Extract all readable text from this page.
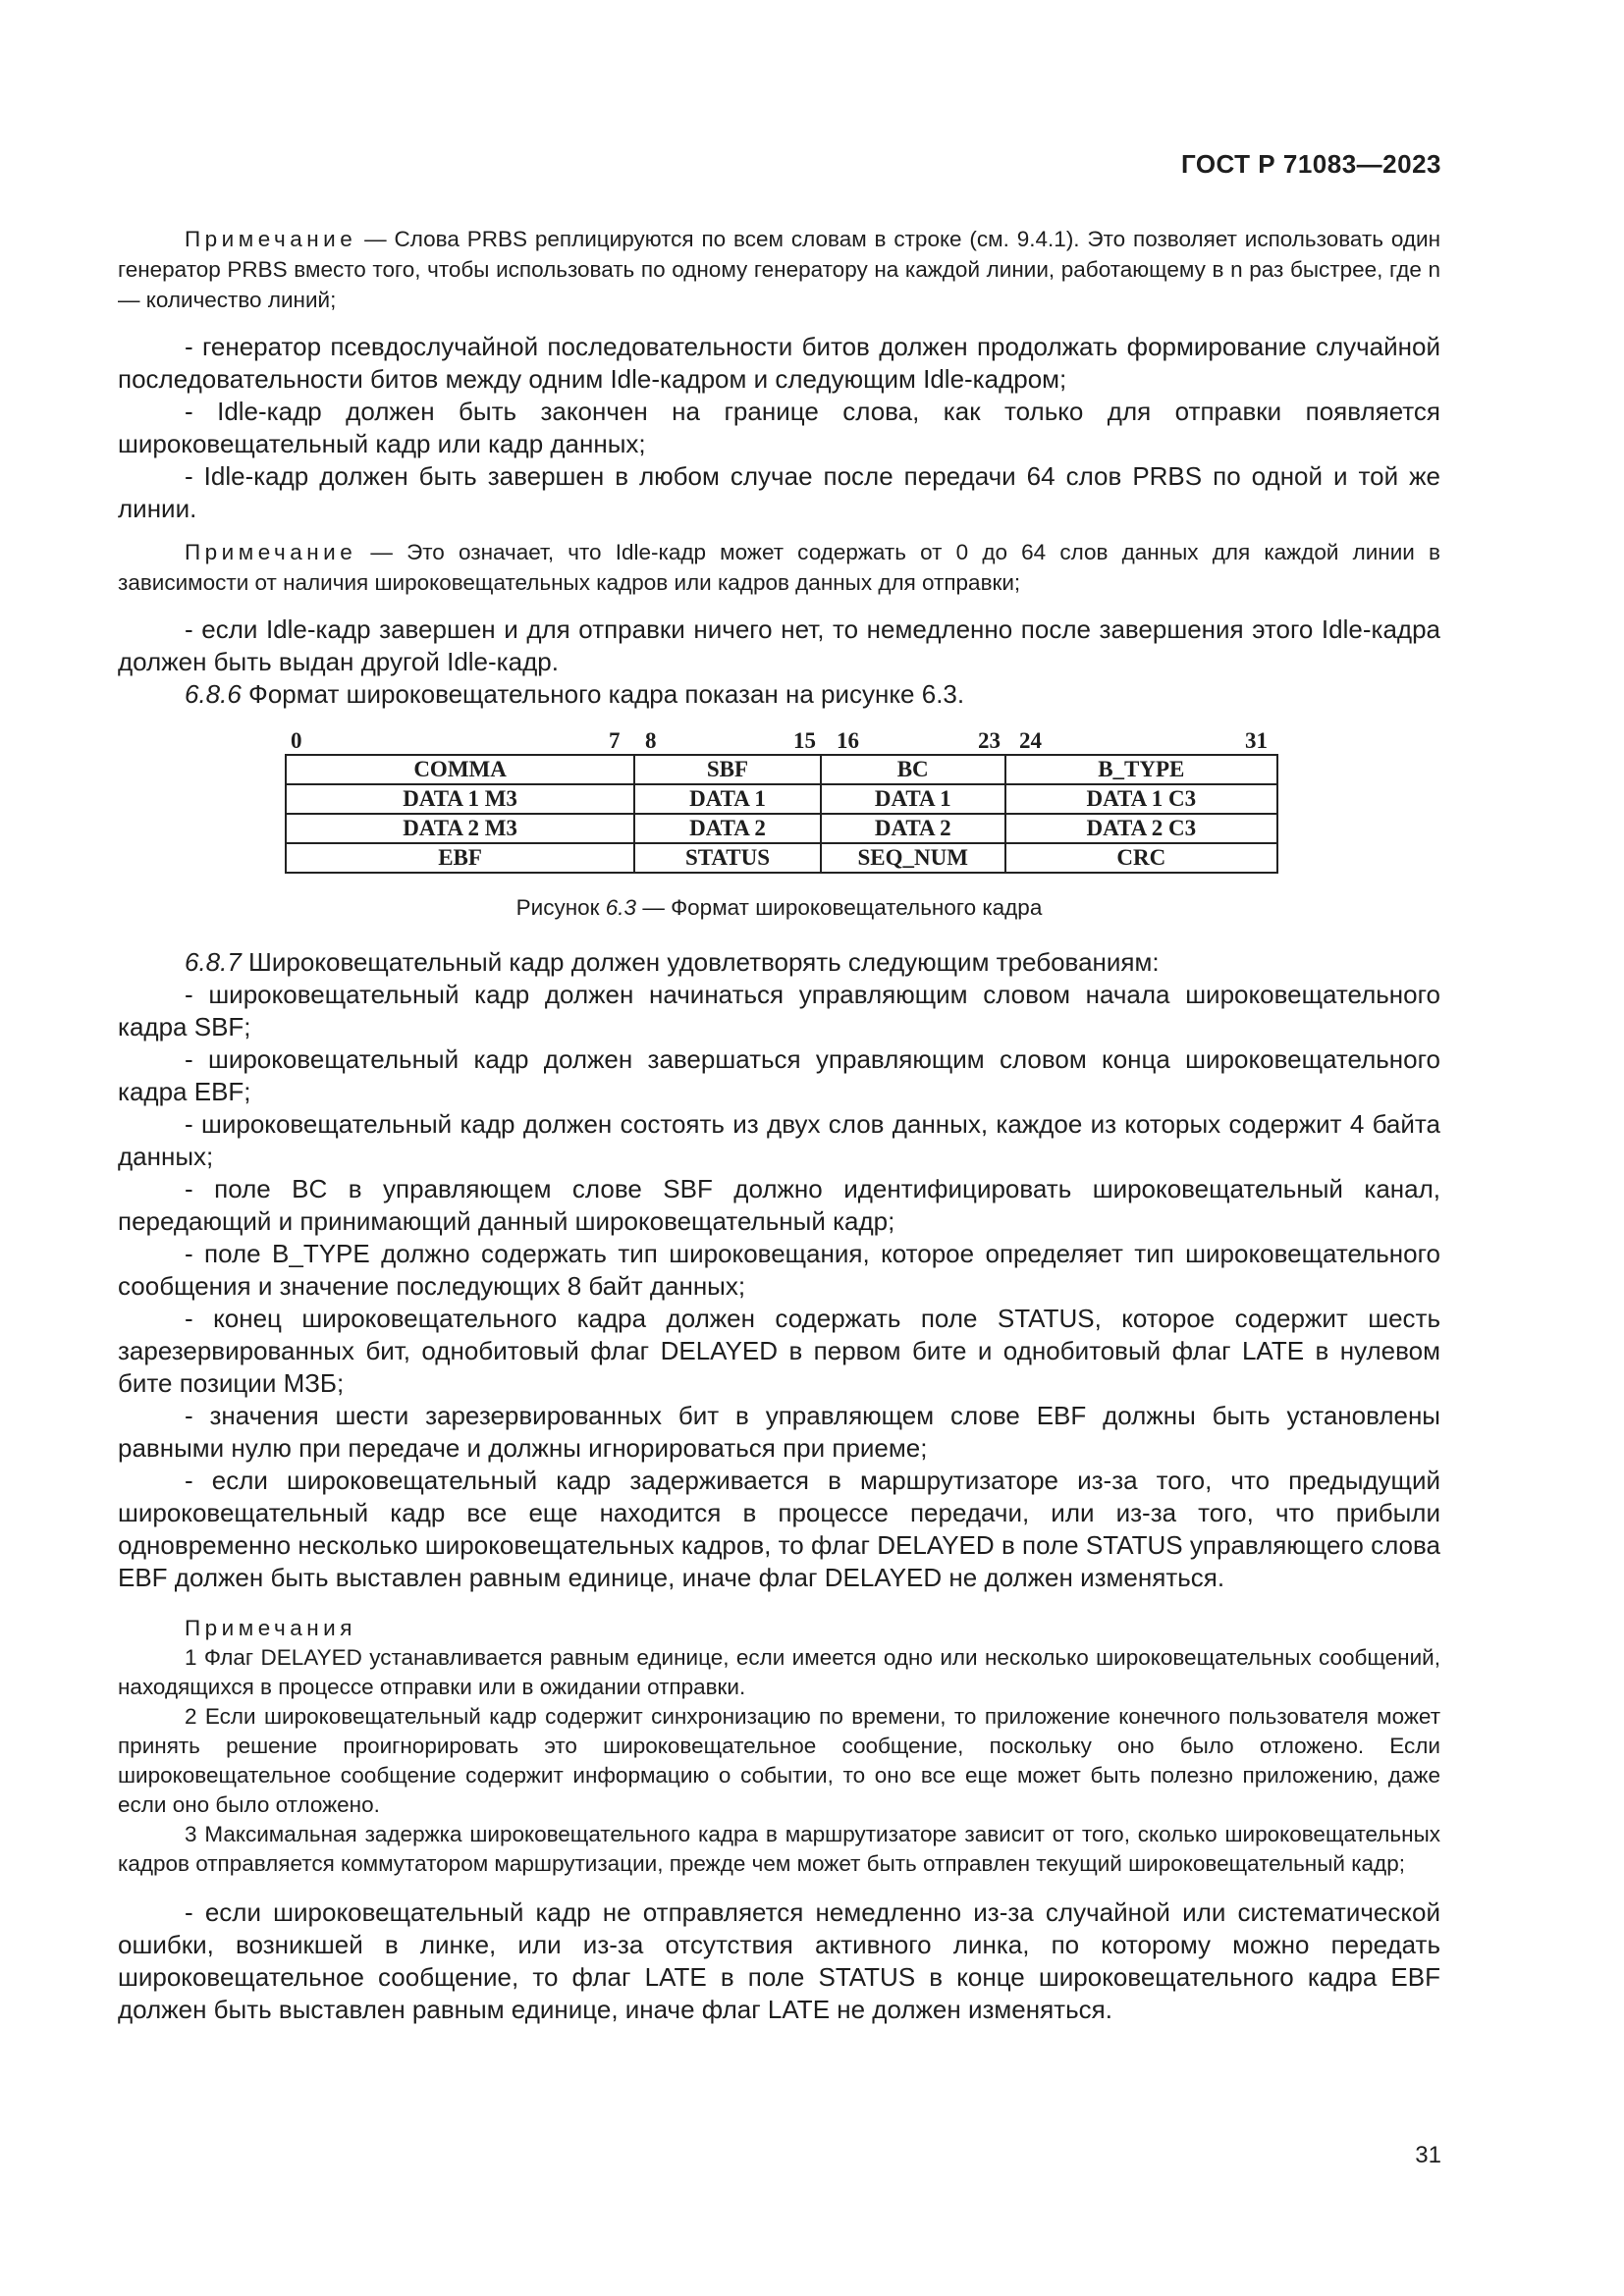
ГОСТ Р 71083—2023

Примечание — Слова PRBS реплицируются по всем словам в строке (см. 9.4.1). Это позволяет использовать один генератор PRBS вместо того, чтобы использовать по одному генератору на каждой линии, работающему в n раз быстрее, где n — количество линий;

- генератор псевдослучайной последовательности битов должен продолжать формирование случайной последовательности битов между одним Idle-кадром и следующим Idle-кадром;

- Idle-кадр должен быть закончен на границе слова, как только для отправки появляется широковещательный кадр или кадр данных;

- Idle-кадр должен быть завершен в любом случае после передачи 64 слов PRBS по одной и той же линии.

Примечание — Это означает, что Idle-кадр может содержать от 0 до 64 слов данных для каждой линии в зависимости от наличия широковещательных кадров или кадров данных для отправки;

- если Idle-кадр завершен и для отправки ничего нет, то немедленно после завершения этого Idle-кадра должен быть выдан другой Idle-кадр.

6.8.6 Формат широковещательного кадра показан на рисунке 6.3.

0	7 8	15 16	23 24	31
COMMA	SBF	BC	B_TYPE
DATA 1 M3	DATA 1	DATA 1	DATA 1 C3
DATA 2 M3	DATA 2	DATA 2	DATA 2 C3
EBF	STATUS	SEQ_NUM	CRC
Рисунок 6.3 — Формат широковещательного кадра

6.8.7 Широковещательный кадр должен удовлетворять следующим требованиям:

- широковещательный кадр должен начинаться управляющим словом начала широковещательного кадра SBF;

- широковещательный кадр должен завершаться управляющим словом конца широковещательного кадра EBF;

- широковещательный кадр должен состоять из двух слов данных, каждое из которых содержит 4 байта данных;

- поле BC в управляющем слове SBF должно идентифицировать широковещательный канал, передающий и принимающий данный широковещательный кадр;

- поле B_TYPE должно содержать тип широковещания, которое определяет тип широковещательного сообщения и значение последующих 8 байт данных;

- конец широковещательного кадра должен содержать поле STATUS, которое содержит шесть зарезервированных бит, однобитовый флаг DELAYED в первом бите и однобитовый флаг LATE в нулевом бите позиции МЗБ;

- значения шести зарезервированных бит в управляющем слове EBF должны быть установлены равными нулю при передаче и должны игнорироваться при приеме;

- если широковещательный кадр задерживается в маршрутизаторе из-за того, что предыдущий широковещательный кадр все еще находится в процессе передачи, или из-за того, что прибыли одновременно несколько широковещательных кадров, то флаг DELAYED в поле STATUS управляющего слова EBF должен быть выставлен равным единице, иначе флаг DELAYED не должен изменяться.

Примечания

1 Флаг DELAYED устанавливается равным единице, если имеется одно или несколько широковещательных сообщений, находящихся в процессе отправки или в ожидании отправки.

2 Если широковещательный кадр содержит синхронизацию по времени, то приложение конечного пользователя может принять решение проигнорировать это широковещательное сообщение, поскольку оно было отложено. Если широковещательное сообщение содержит информацию о событии, то оно все еще может быть полезно приложению, даже если оно было отложено.

3 Максимальная задержка широковещательного кадра в маршрутизаторе зависит от того, сколько широковещательных кадров отправляется коммутатором маршрутизации, прежде чем может быть отправлен текущий широковещательный кадр;

- если широковещательный кадр не отправляется немедленно из-за случайной или систематической ошибки, возникшей в линке, или из-за отсутствия активного линка, по которому можно передать широковещательное сообщение, то флаг LATE в поле STATUS в конце широковещательного кадра EBF должен быть выставлен равным единице, иначе флаг LATE не должен изменяться.

31
